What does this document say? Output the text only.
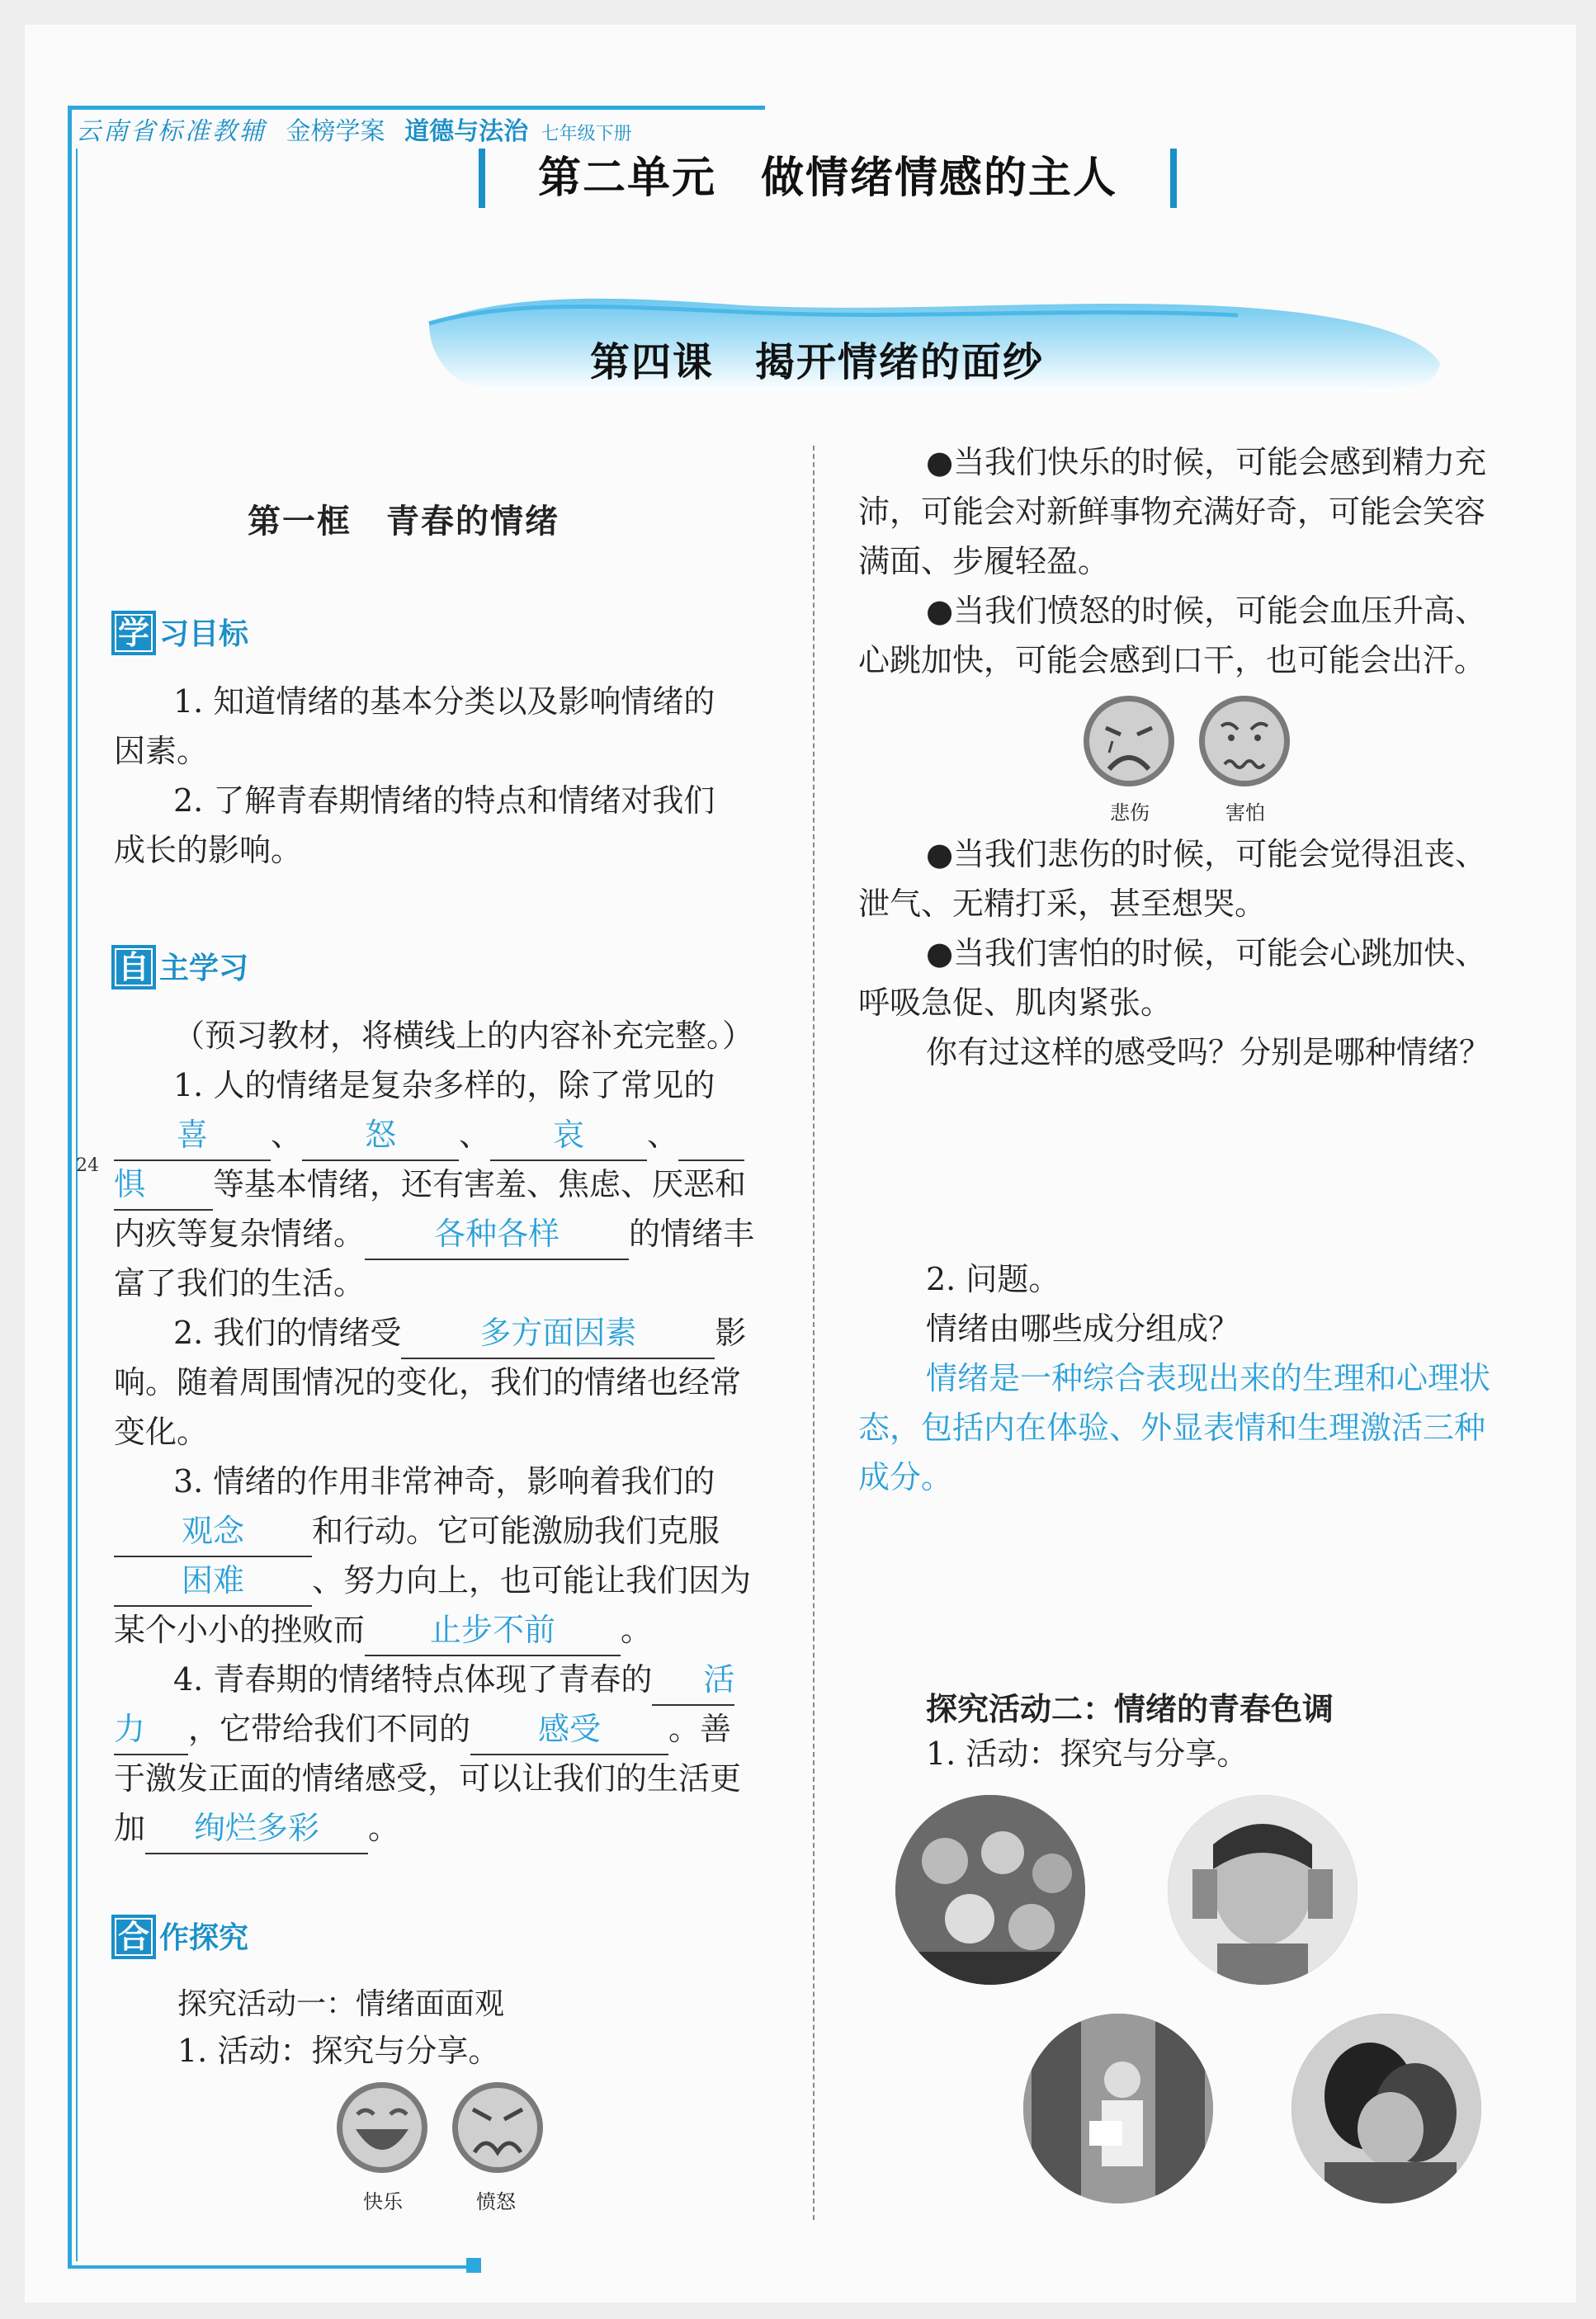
云南省标准教辅 金榜学案 道德与法治 七年级下册
24
第二单元　做情绪情感的主人
第四课　揭开情绪的面纱
第一框　青春的情绪
学 习目标
1. 知道情绪的基本分类以及影响情绪的
因素。
2. 了解青春期情绪的特点和情绪对我们
成长的影响。
自 主学习
（预习教材，将横线上的内容补充完整。）
1. 人的情绪是复杂多样的，除了常见的
喜 、 怒 、 哀 、
惧 等基本情绪，还有害羞、焦虑、厌恶和
内疚等复杂情绪。 各种各样 的情绪丰
富了我们的生活。
2. 我们的情绪受 多方面因素	影
响。随着周围情况的变化，我们的情绪也经常
变化。
3. 情绪的作用非常神奇，影响着我们的
观念 和行动。它可能激励我们克服
困难 、努力向上，也可能让我们因为
某个小小的挫败而 止步不前 。
4. 青春期的情绪特点体现了青春的 活
力 ，它带给我们不同的 感受 。善
于激发正面的情绪感受，可以让我们的生活更
加 绚烂多彩 。
合 作探究
探究活动一：情绪面面观
1. 活动：探究与分享。
快乐	愤怒
●当我们快乐的时候，可能会感到精力充
沛，可能会对新鲜事物充满好奇，可能会笑容
满面、步履轻盈。
●当我们愤怒的时候，可能会血压升高、
心跳加快，可能会感到口干，也可能会出汗。
悲伤	害怕
●当我们悲伤的时候，可能会觉得沮丧、
泄气、无精打采，甚至想哭。
●当我们害怕的时候，可能会心跳加快、
呼吸急促、肌肉紧张。
你有过这样的感受吗？分别是哪种情绪？
2. 问题。
情绪由哪些成分组成？
情绪是一种综合表现出来的生理和心理状
态，包括内在体验、外显表情和生理激活三种
成分。
探究活动二：情绪的青春色调
1. 活动：探究与分享。
